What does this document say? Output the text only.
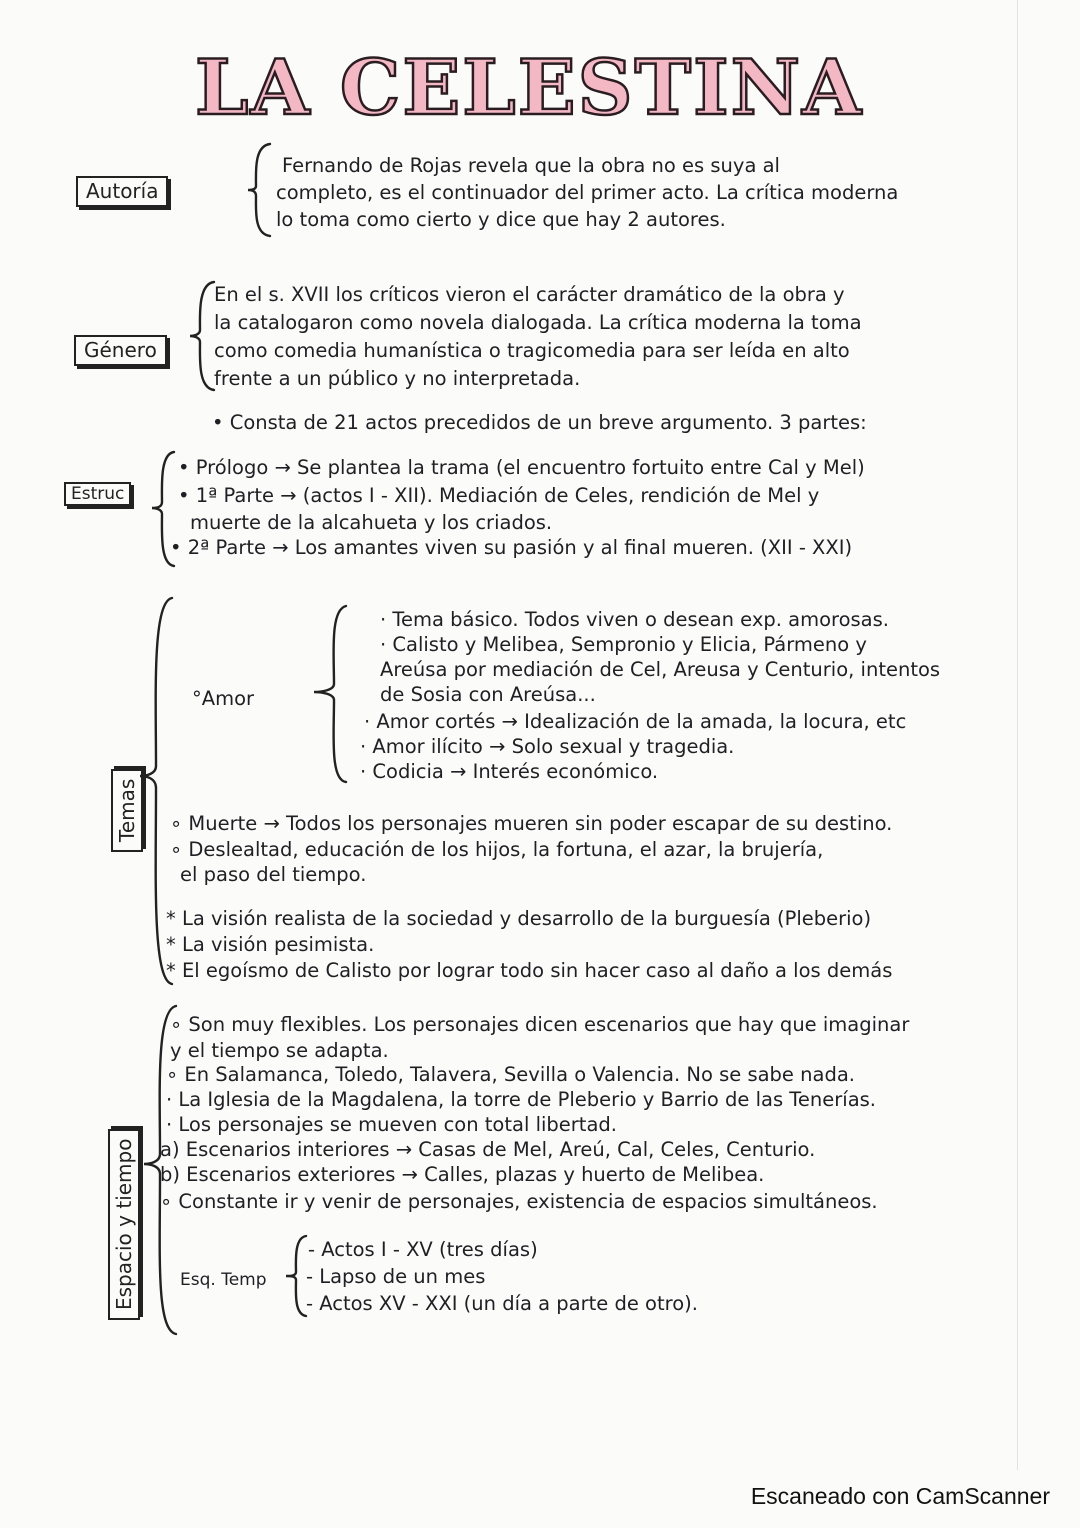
LA CELESTINA
Autoría
Fernando de Rojas revela que la obra no es suya al
completo, es el continuador del primer acto. La crítica moderna
lo toma como cierto y dice que hay 2 autores.
Género
En el s. XVII los críticos vieron el carácter dramático de la obra y
la catalogaron como novela dialogada. La crítica moderna la toma
como comedia humanística o tragicomedia para ser leída en alto
frente a un público y no interpretada.
• Consta de 21 actos precedidos de un breve argumento. 3 partes:
Estruc
• Prólogo → Se plantea la trama (el encuentro fortuito entre Cal y Mel)
• 1ª Parte → (actos I - XII). Mediación de Celes, rendición de Mel y
muerte de la alcahueta y los criados.
• 2ª Parte → Los amantes viven su pasión y al final mueren. (XII - XXI)
Temas
°Amor
· Tema básico. Todos viven o desean exp. amorosas.
· Calisto y Melibea, Sempronio y Elicia, Pármeno y
Areúsa por mediación de Cel, Areusa y Centurio, intentos
de Sosia con Areúsa...
· Amor cortés → Idealización de la amada, la locura, etc
· Amor ilícito → Solo sexual y tragedia.
· Codicia → Interés económico.
∘ Muerte → Todos los personajes mueren sin poder escapar de su destino.
∘ Deslealtad, educación de los hijos, la fortuna, el azar, la brujería,
el paso del tiempo.
* La visión realista de la sociedad y desarrollo de la burguesía (Pleberio)
* La visión pesimista.
* El egoísmo de Calisto por lograr todo sin hacer caso al daño a los demás
Espacio y tiempo
∘ Son muy flexibles. Los personajes dicen escenarios que hay que imaginar
y el tiempo se adapta.
∘ En Salamanca, Toledo, Talavera, Sevilla o Valencia. No se sabe nada.
· La Iglesia de la Magdalena, la torre de Pleberio y Barrio de las Tenerías.
· Los personajes se mueven con total libertad.
a) Escenarios interiores → Casas de Mel, Areú, Cal, Celes, Centurio.
b) Escenarios exteriores → Calles, plazas y huerto de Melibea.
∘ Constante ir y venir de personajes, existencia de espacios simultáneos.
Esq. Temp
- Actos I - XV (tres días)
- Lapso de un mes
- Actos XV - XXI (un día a parte de otro).
Escaneado con CamScanner
